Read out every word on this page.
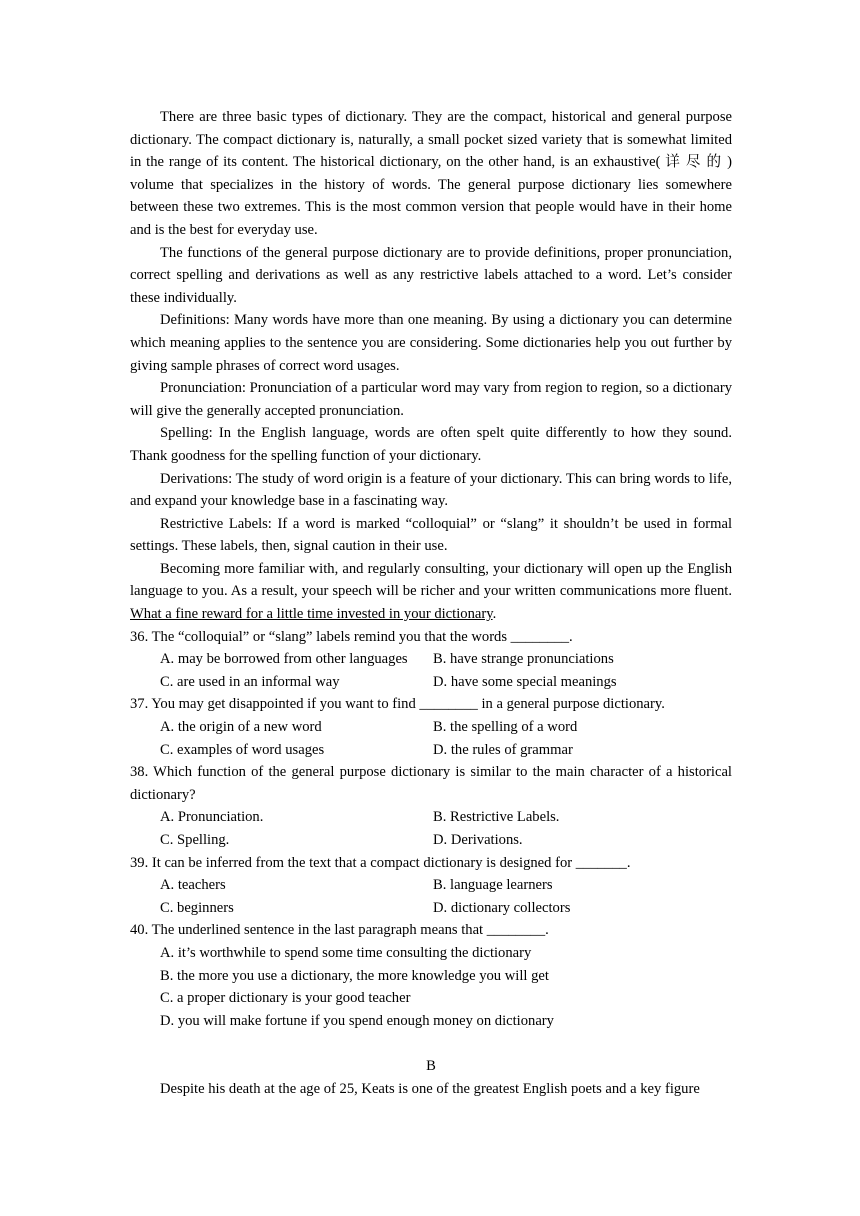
There are three basic types of dictionary. They are the compact, historical and general purpose dictionary. The compact dictionary is, naturally, a small pocket sized variety that is somewhat limited in the range of its content. The historical dictionary, on the other hand, is an exhaustive( 详 尽 的 ) volume that specializes in the history of words. The general purpose dictionary lies somewhere between these two extremes. This is the most common version that people would have in their home and is the best for everyday use.

The functions of the general purpose dictionary are to provide definitions, proper pronunciation, correct spelling and derivations as well as any restrictive labels attached to a word. Let’s consider these individually.

Definitions: Many words have more than one meaning. By using a dictionary you can determine which meaning applies to the sentence you are considering. Some dictionaries help you out further by giving sample phrases of correct word usages.

Pronunciation: Pronunciation of a particular word may vary from region to region, so a dictionary will give the generally accepted pronunciation.

Spelling: In the English language, words are often spelt quite differently to how they sound. Thank goodness for the spelling function of your dictionary.

Derivations: The study of word origin is a feature of your dictionary. This can bring words to life, and expand your knowledge base in a fascinating way.

Restrictive Labels: If a word is marked “colloquial” or “slang” it shouldn’t be used in formal settings. These labels, then, signal caution in their use.

Becoming more familiar with, and regularly consulting, your dictionary will open up the English language to you. As a result, your speech will be richer and your written communications more fluent. What a fine reward for a little time invested in your dictionary.

36. The “colloquial” or “slang” labels remind you that the words ________.

A. may be borrowed from other languages	B. have strange pronunciations
C. are used in an informal way	D. have some special meanings

37. You may get disappointed if you want to find ________ in a general purpose dictionary.

A. the origin of a new word	B. the spelling of a word
C. examples of word usages	D. the rules of grammar

38. Which function of the general purpose dictionary is similar to the main character of a historical dictionary?

A. Pronunciation.	B. Restrictive Labels.
C. Spelling.	D. Derivations.

39. It can be inferred from the text that a compact dictionary is designed for _______.

A. teachers	B. language learners
C. beginners	D. dictionary collectors

40. The underlined sentence in the last paragraph means that ________.

A. it’s worthwhile to spend some time consulting the dictionary

B. the more you use a dictionary, the more knowledge you will get

C. a proper dictionary is your good teacher

D. you will make fortune if you spend enough money on dictionary

B

Despite his death at the age of 25, Keats is one of the greatest English poets and a key figure
